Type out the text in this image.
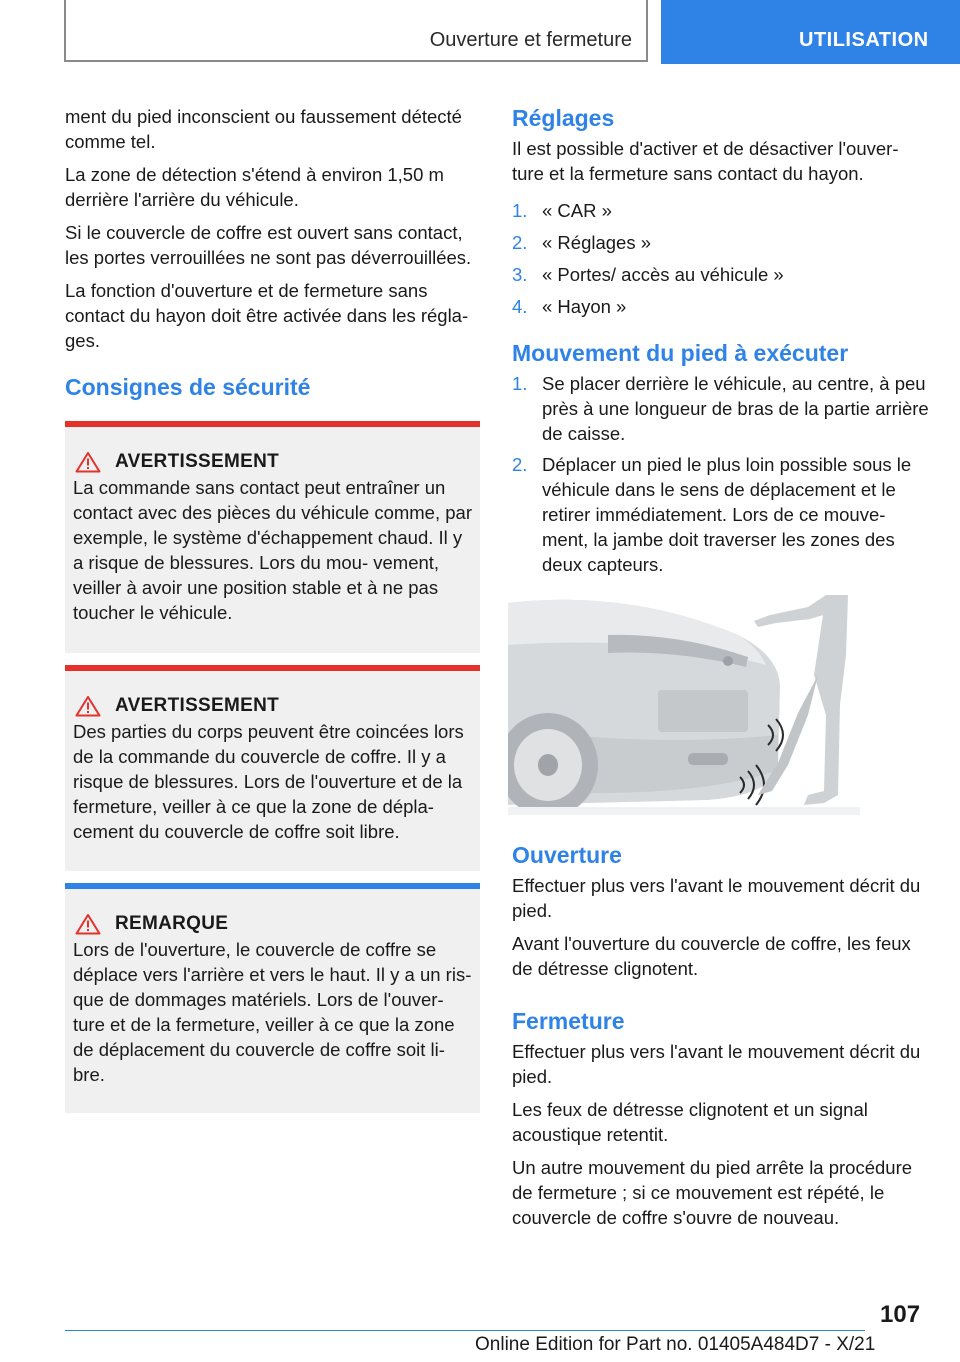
Ouverture et fermeture	UTILISATION

ment du pied inconscient ou faussement détecté comme tel.

La zone de détection s'étend à environ 1,50 m derrière l'arrière du véhicule.

Si le couvercle de coffre est ouvert sans contact, les portes verrouillées ne sont pas déverrouillées.

La fonction d'ouverture et de fermeture sans contact du hayon doit être activée dans les régla‐ ges.

Consignes de sécurité
AVERTISSEMENT

La commande sans contact peut entraîner un contact avec des pièces du véhicule comme, par exemple, le système d'échappement chaud. Il y a risque de blessures. Lors du mou‐ vement, veiller à avoir une position stable et à ne pas toucher le véhicule.

AVERTISSEMENT

Des parties du corps peuvent être coincées lors de la commande du couvercle de coffre. Il y a risque de blessures. Lors de l'ouverture et de la fermeture, veiller à ce que la zone de dépla‐ cement du couvercle de coffre soit libre.

REMARQUE

Lors de l'ouverture, le couvercle de coffre se déplace vers l'arrière et vers le haut. Il y a un ris‐ que de dommages matériels. Lors de l'ouver‐ ture et de la fermeture, veiller à ce que la zone de déplacement du couvercle de coffre soit li‐ bre.

Réglages

Il est possible d'activer et de désactiver l'ouver‐ ture et la fermeture sans contact du hayon.

1. « CAR »
2. « Réglages »
3. « Portes/ accès au véhicule »
4. « Hayon »
Mouvement du pied à exécuter
1. Se placer derrière le véhicule, au centre, à peu près à une longueur de bras de la partie arrière de caisse.
2. Déplacer un pied le plus loin possible sous le véhicule dans le sens de déplacement et le retirer immédiatement. Lors de ce mouve‐ ment, la jambe doit traverser les zones des deux capteurs.
Ouverture

Effectuer plus vers l'avant le mouvement décrit du pied.

Avant l'ouverture du couvercle de coffre, les feux de détresse clignotent.

Fermeture

Effectuer plus vers l'avant le mouvement décrit du pied.

Les feux de détresse clignotent et un signal acoustique retentit.

Un autre mouvement du pied arrête la procédure de fermeture ; si ce mouvement est répété, le couvercle de coffre s'ouvre de nouveau.

107
Online Edition for Part no. 01405A484D7 - X/21
